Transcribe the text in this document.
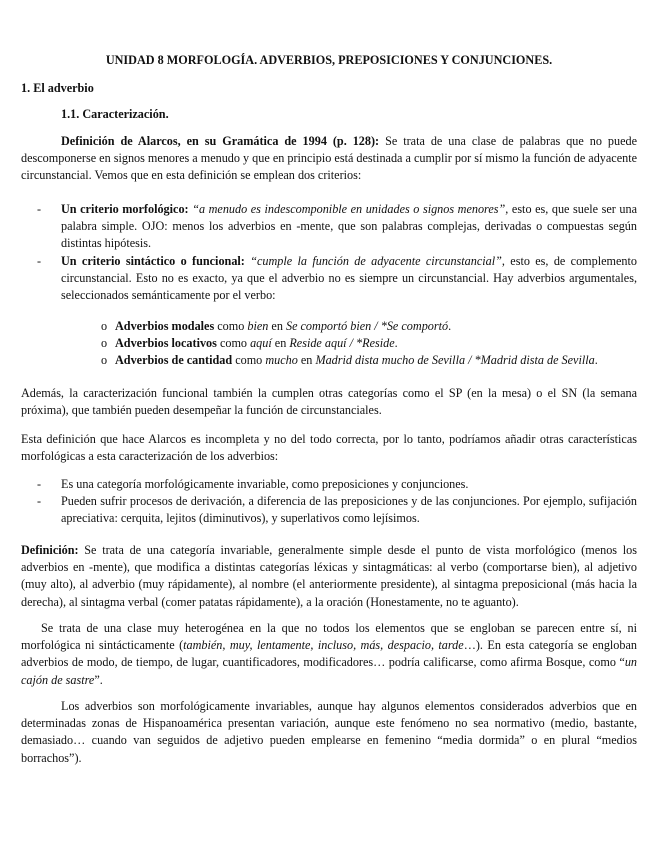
UNIDAD 8 MORFOLOGÍA. ADVERBIOS, PREPOSICIONES Y CONJUNCIONES.

1. El adverbio

1.1. Caracterización.

Definición de Alarcos, en su Gramática de 1994 (p. 128): Se trata de una clase de palabras que no puede descomponerse en signos menores a menudo y que en principio está destinada a cumplir por sí mismo la función de adyacente circunstancial. Vemos que en esta definición se emplean dos criterios:

- Un criterio morfológico: “a menudo es indescomponible en unidades o signos menores”, esto es, que suele ser una palabra simple. OJO: menos los adverbios en -mente, que son palabras complejas, derivadas o compuestas según distintas hipótesis.
- Un criterio sintáctico o funcional: “cumple la función de adyacente circunstancial”, esto es, de complemento circunstancial. Esto no es exacto, ya que el adverbio no es siempre un circunstancial. Hay adverbios argumentales, seleccionados semánticamente por el verbo:
o Adverbios modales como bien en Se comportó bien / *Se comportó.
o Adverbios locativos como aquí en Reside aquí / *Reside.
o Adverbios de cantidad como mucho en Madrid dista mucho de Sevilla / *Madrid dista de Sevilla.

Además, la caracterización funcional también la cumplen otras categorías como el SP (en la mesa) o el SN (la semana próxima), que también pueden desempeñar la función de circunstanciales.

Esta definición que hace Alarcos es incompleta y no del todo correcta, por lo tanto, podríamos añadir otras características morfológicas a esta caracterización de los adverbios:

- Es una categoría morfológicamente invariable, como preposiciones y conjunciones.
- Pueden sufrir procesos de derivación, a diferencia de las preposiciones y de las conjunciones. Por ejemplo, sufijación apreciativa: cerquita, lejitos (diminutivos), y superlativos como lejísimos.

Definición: Se trata de una categoría invariable, generalmente simple desde el punto de vista morfológico (menos los adverbios en -mente), que modifica a distintas categorías léxicas y sintagmáticas: al verbo (comportarse bien), al adjetivo (muy alto), al adverbio (muy rápidamente), al nombre (el anteriormente presidente), al sintagma preposicional (más hacia la derecha), al sintagma verbal (comer patatas rápidamente), a la oración (Honestamente, no te aguanto).

Se trata de una clase muy heterogénea en la que no todos los elementos que se engloban se parecen entre sí, ni morfológica ni sintácticamente (también, muy, lentamente, incluso, más, despacio, tarde…). En esta categoría se engloban adverbios de modo, de tiempo, de lugar, cuantificadores, modificadores… podría calificarse, como afirma Bosque, como “un cajón de sastre”.

Los adverbios son morfológicamente invariables, aunque hay algunos elementos considerados adverbios que en determinadas zonas de Hispanoamérica presentan variación, aunque este fenómeno no sea normativo (medio, bastante, demasiado… cuando van seguidos de adjetivo pueden emplearse en femenino “media dormida” o en plural “medios borrachos”).
